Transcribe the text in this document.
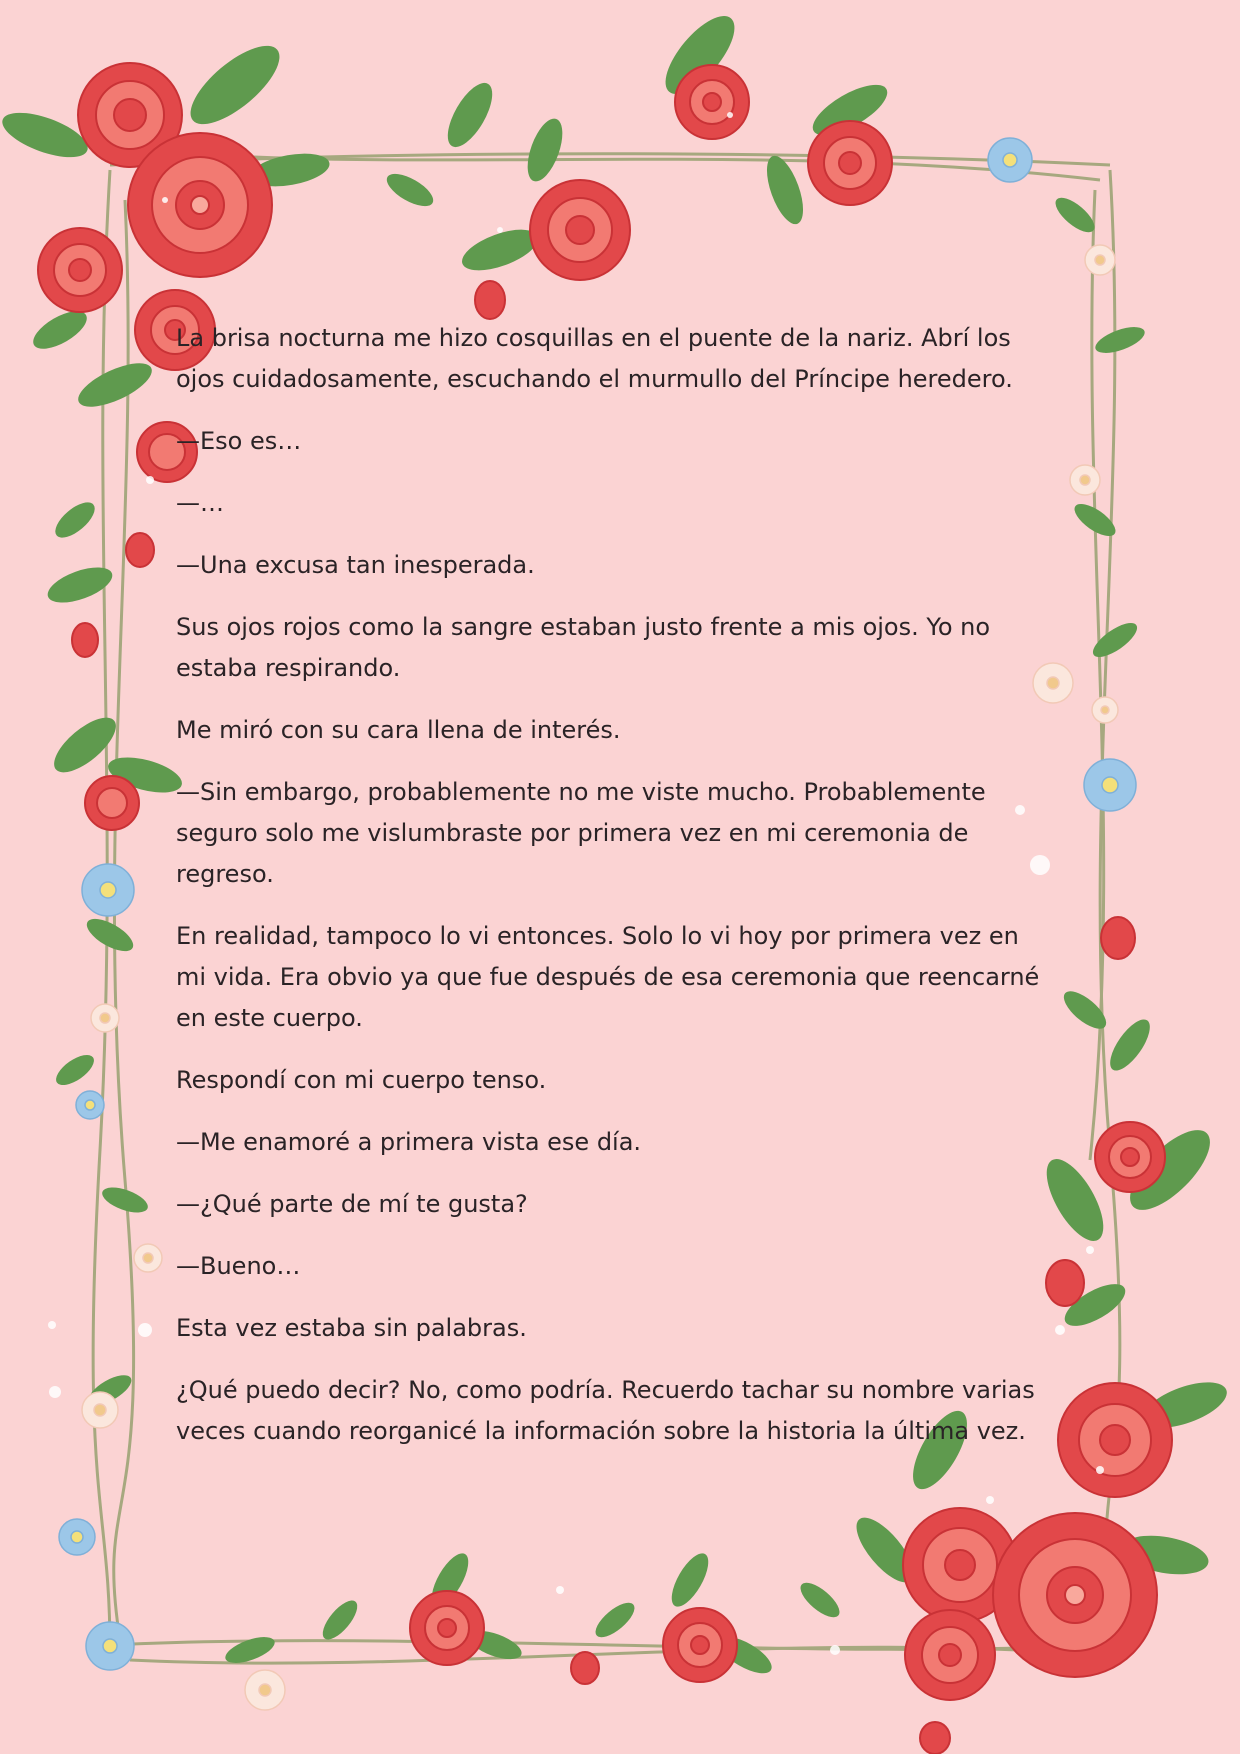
La brisa nocturna me hizo cosquillas en el puente de la nariz. Abrí los ojos cuidadosamente, escuchando el murmullo del Príncipe heredero.

—Eso es…

—…

—Una excusa tan inesperada.

Sus ojos rojos como la sangre estaban justo frente a mis ojos. Yo no estaba respirando.

Me miró con su cara llena de interés.

—Sin embargo, probablemente no me viste mucho. Probablemente seguro solo me vislumbraste por primera vez en mi ceremonia de regreso.

En realidad, tampoco lo vi entonces. Solo lo vi hoy por primera vez en mi vida. Era obvio ya que fue después de esa ceremonia que reencarné en este cuerpo.

Respondí con mi cuerpo tenso.

—Me enamoré a primera vista ese día.

—¿Qué parte de mí te gusta?

—Bueno…

Esta vez estaba sin palabras.

¿Qué puedo decir? No, como podría. Recuerdo tachar su nombre varias veces cuando reorganicé la información sobre la historia la última vez.
